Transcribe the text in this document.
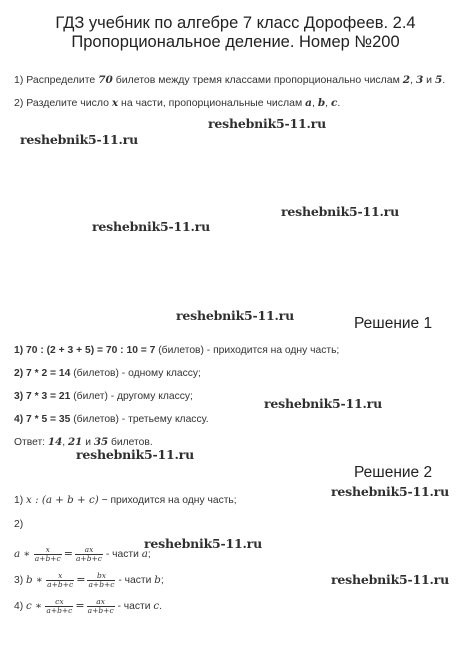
ГДЗ учебник по алгебре 7 класс Дорофеев. 2.4
Пропорциональное деление. Номер №200
1) Распределите 70 билетов между тремя классами пропорционально числам 2, 3 и 5.
2) Разделите число x на части, пропорциональные числам a, b, c.
reshebnik5-11.ru
reshebnik5-11.ru
reshebnik5-11.ru
reshebnik5-11.ru
reshebnik5-11.ru
reshebnik5-11.ru
reshebnik5-11.ru
reshebnik5-11.ru
reshebnik5-11.ru
reshebnik5-11.ru
Решение 1
1) 70 : (2 + 3 + 5) = 70 : 10 = 7 (билетов) - приходится на одну часть;
2) 7 * 2 = 14 (билетов) - одному классу;
3) 7 * 3 = 21 (билет) - другому классу;
4) 7 * 5 = 35 (билетов) - третьему классу.
Ответ: 14, 21 и 35 билетов.
Решение 2
1) x : (a + b + c) − приходится на одну часть;
2)
a ∗ $\frac{x}{a+b+c} = \frac{ax}{a+b+c}$ - части a;
3) b ∗ $\frac{x}{a+b+c} = \frac{bx}{a+b+c}$ - части b;
4) c ∗ $\frac{cx}{a+b+c} = \frac{ax}{a+b+c}$ - части c.
